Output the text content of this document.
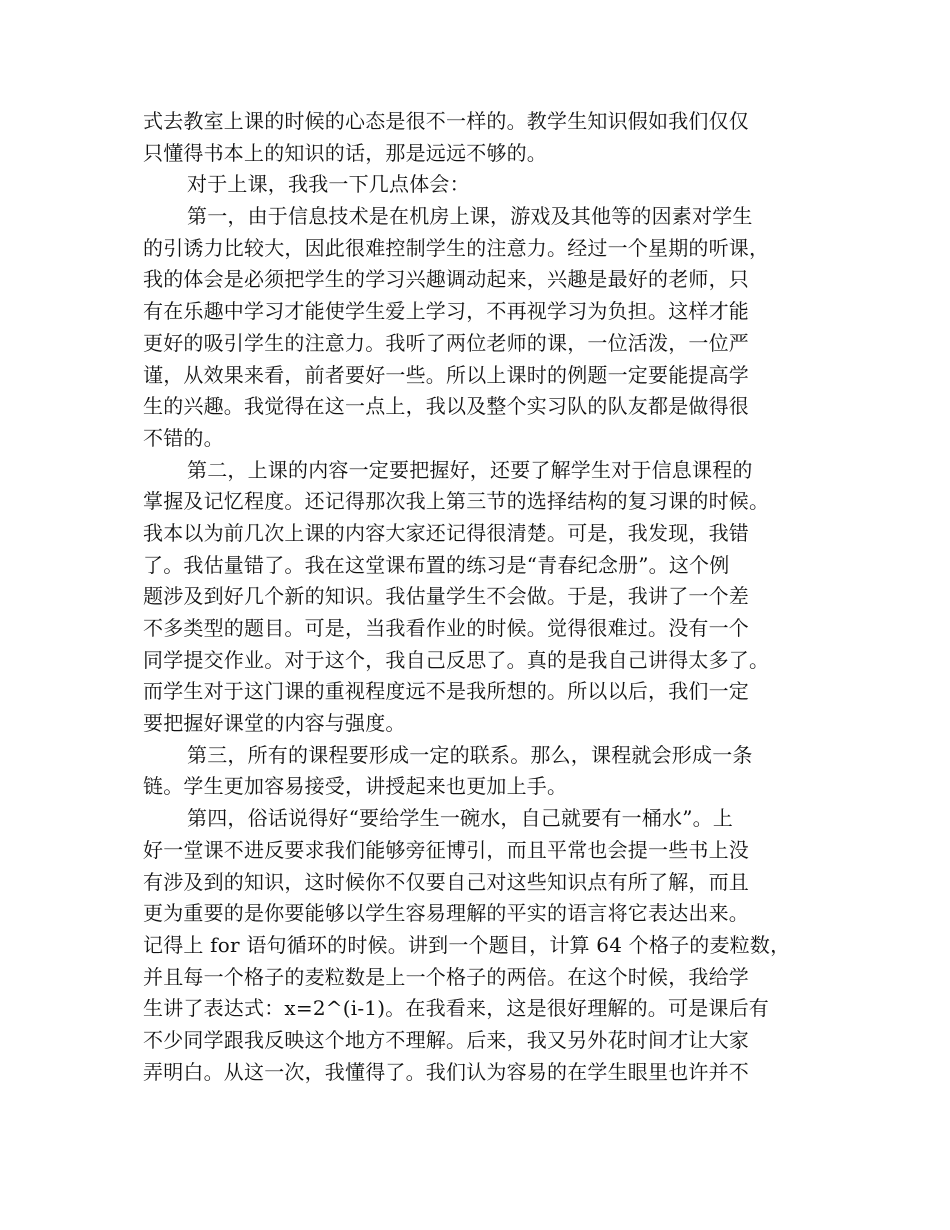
式去教室上课的时候的心态是很不一样的。教学生知识假如我们仅仅
只懂得书本上的知识的话，那是远远不够的。
对于上课，我我一下几点体会：
第一，由于信息技术是在机房上课，游戏及其他等的因素对学生
的引诱力比较大，因此很难控制学生的注意力。经过一个星期的听课，
我的体会是必须把学生的学习兴趣调动起来，兴趣是最好的老师，只
有在乐趣中学习才能使学生爱上学习，不再视学习为负担。这样才能
更好的吸引学生的注意力。我听了两位老师的课，一位活泼，一位严
谨，从效果来看，前者要好一些。所以上课时的例题一定要能提高学
生的兴趣。我觉得在这一点上，我以及整个实习队的队友都是做得很
不错的。
第二，上课的内容一定要把握好，还要了解学生对于信息课程的
掌握及记忆程度。还记得那次我上第三节的选择结构的复习课的时候。
我本以为前几次上课的内容大家还记得很清楚。可是，我发现，我错
了。我估量错了。我在这堂课布置的练习是“青春纪念册”。这个例
题涉及到好几个新的知识。我估量学生不会做。于是，我讲了一个差
不多类型的题目。可是，当我看作业的时候。觉得很难过。没有一个
同学提交作业。对于这个，我自己反思了。真的是我自己讲得太多了。
而学生对于这门课的重视程度远不是我所想的。所以以后，我们一定
要把握好课堂的内容与强度。
第三，所有的课程要形成一定的联系。那么，课程就会形成一条
链。学生更加容易接受，讲授起来也更加上手。
第四，俗话说得好“要给学生一碗水，自己就要有一桶水”。上
好一堂课不进反要求我们能够旁征博引，而且平常也会提一些书上没
有涉及到的知识，这时候你不仅要自己对这些知识点有所了解，而且
更为重要的是你要能够以学生容易理解的平实的语言将它表达出来。
记得上 for 语句循环的时候。讲到一个题目，计算 64 个格子的麦粒数，
并且每一个格子的麦粒数是上一个格子的两倍。在这个时候，我给学
生讲了表达式：x=2^(i-1)。在我看来，这是很好理解的。可是课后有
不少同学跟我反映这个地方不理解。后来，我又另外花时间才让大家
弄明白。从这一次，我懂得了。我们认为容易的在学生眼里也许并不
